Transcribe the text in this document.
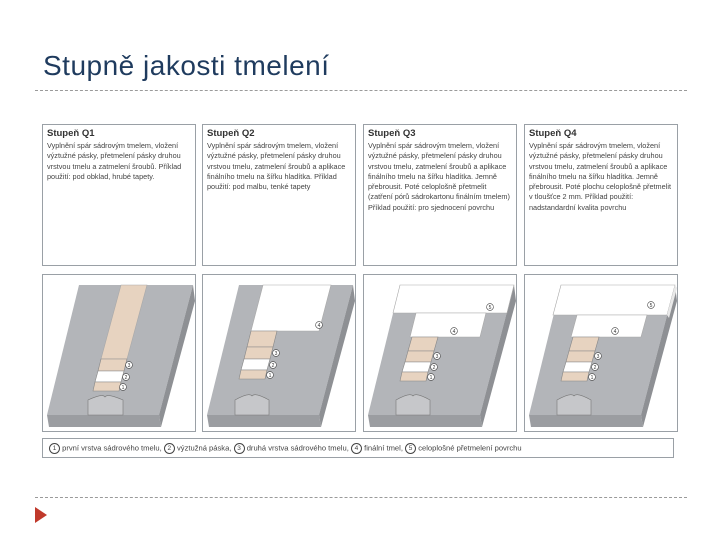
Stupně jakosti tmelení
Stupeň Q1
Vyplnění spár sádrovým tmelem, vložení výztužné pásky, přetmelení pásky druhou vrstvou tmelu a zatmelení šroubů. Příklad použití: pod obklad, hrubé tapety.
Stupeň Q2
Vyplnění spár sádrovým tmelem, vložení výztužné pásky, přetmelení pásky druhou vrstvou tmelu, zatmelení šroubů a aplikace finálního tmelu na šířku hladítka. Příklad použití: pod malbu, tenké tapety
Stupeň Q3
Vyplnění spár sádrovým tmelem, vložení výztužné pásky, přetmelení pásky druhou vrstvou tmelu, zatmelení šroubů a aplikace finálního tmelu na šířku hladítka. Jemně přebrousit. Poté celoplošně přetmelit (zatření pórů sádrokartonu finálním tmelem) Příklad použití: pro sjednocení povrchu
Stupeň Q4
Vyplnění spár sádrovým tmelem, vložení výztužné pásky, přetmelení pásky druhou vrstvou tmelu, zatmelení šroubů a aplikace finálního tmelu na šířku hladítka. Jemně přebrousit. Poté plochu celoplošně přetmelit v tloušťce 2 mm. Příklad použití: nadstandardní kvalita povrchu
3
2
1
4
3
2
1
5
4
3
2
1
5
4
3
2
1
1 první vrstva sádrového tmelu, 2 výztužná páska, 3 druhá vrstva sádrového tmelu, 4 finální tmel, 5 celoplošné přetmelení povrchu
